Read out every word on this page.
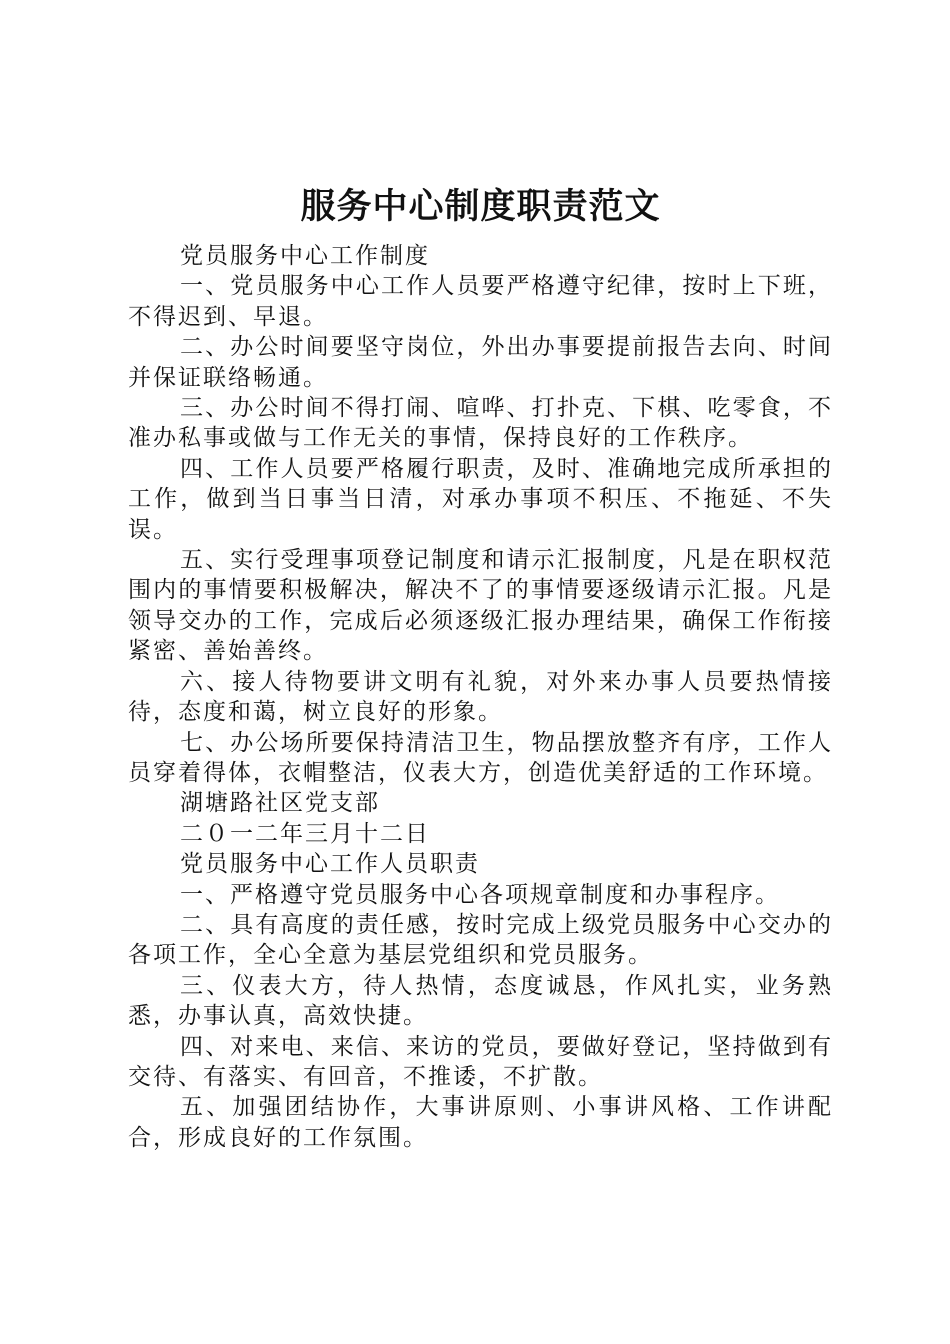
服务中心制度职责范文

党员服务中心工作制度

一、党员服务中心工作人员要严格遵守纪律，按时上下班，不得迟到、早退。

二、办公时间要坚守岗位，外出办事要提前报告去向、时间并保证联络畅通。

三、办公时间不得打闹、喧哗、打扑克、下棋、吃零食，不准办私事或做与工作无关的事情，保持良好的工作秩序。

四、工作人员要严格履行职责，及时、准确地完成所承担的工作，做到当日事当日清，对承办事项不积压、不拖延、不失误。

五、实行受理事项登记制度和请示汇报制度，凡是在职权范围内的事情要积极解决，解决不了的事情要逐级请示汇报。凡是领导交办的工作，完成后必须逐级汇报办理结果，确保工作衔接紧密、善始善终。

六、接人待物要讲文明有礼貌，对外来办事人员要热情接待，态度和蔼，树立良好的形象。

七、办公场所要保持清洁卫生，物品摆放整齐有序，工作人员穿着得体，衣帽整洁，仪表大方，创造优美舒适的工作环境。

湖塘路社区党支部

二０一二年三月十二日

党员服务中心工作人员职责

一、严格遵守党员服务中心各项规章制度和办事程序。

二、具有高度的责任感，按时完成上级党员服务中心交办的各项工作，全心全意为基层党组织和党员服务。

三、仪表大方，待人热情，态度诚恳，作风扎实，业务熟悉，办事认真，高效快捷。

四、对来电、来信、来访的党员，要做好登记，坚持做到有交待、有落实、有回音，不推诿，不扩散。

五、加强团结协作，大事讲原则、小事讲风格、工作讲配合，形成良好的工作氛围。
